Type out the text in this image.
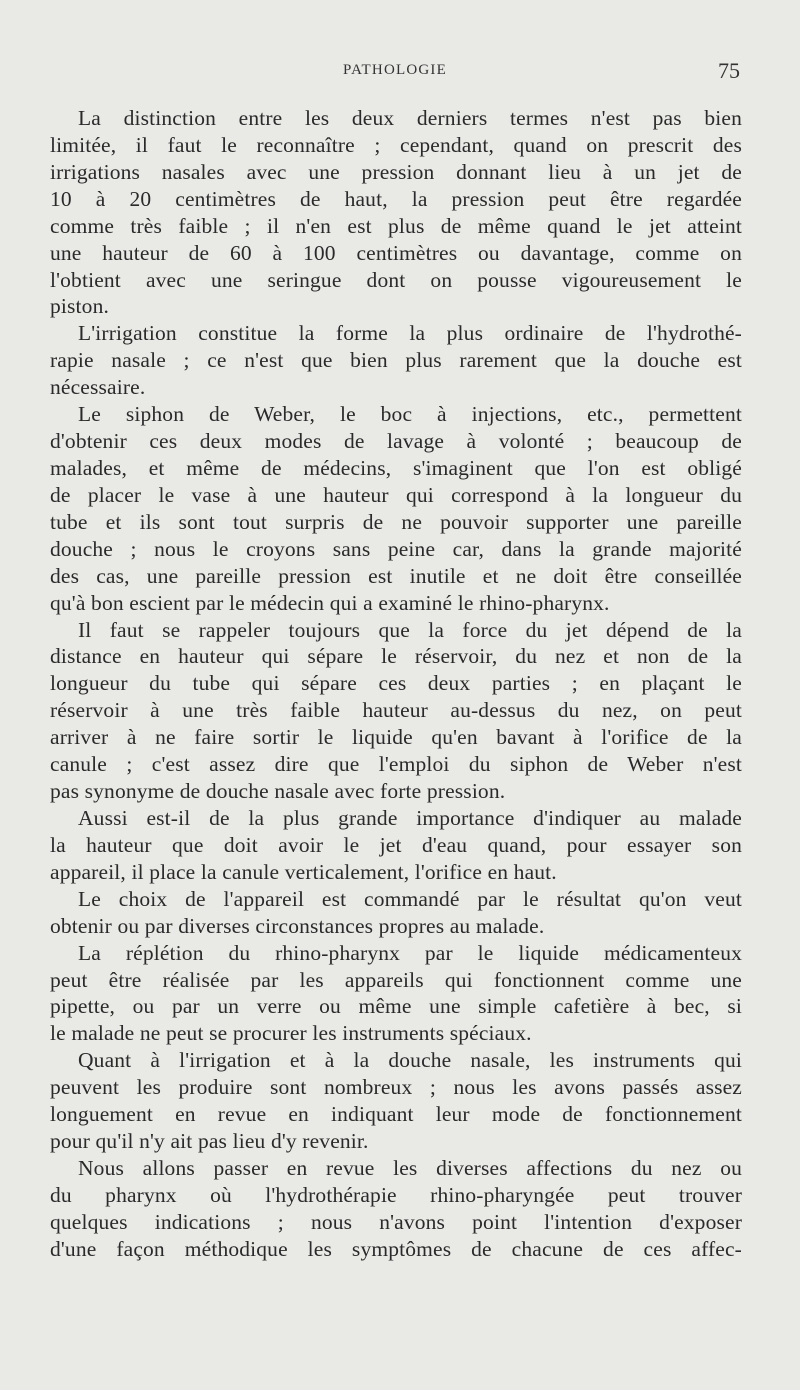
PATHOLOGIE	75
La distinction entre les deux derniers termes n'est pas bien
limitée, il faut le reconnaître ; cependant, quand on prescrit des
irrigations nasales avec une pression donnant lieu à un jet de
10 à 20 centimètres de haut, la pression peut être regardée
comme très faible ; il n'en est plus de même quand le jet atteint
une hauteur de 60 à 100 centimètres ou davantage, comme on
l'obtient avec une seringue dont on pousse vigoureusement le
piston.
L'irrigation constitue la forme la plus ordinaire de l'hydrothé-
rapie nasale ; ce n'est que bien plus rarement que la douche est
nécessaire.
Le siphon de Weber, le boc à injections, etc., permettent
d'obtenir ces deux modes de lavage à volonté ; beaucoup de
malades, et même de médecins, s'imaginent que l'on est obligé
de placer le vase à une hauteur qui correspond à la longueur du
tube et ils sont tout surpris de ne pouvoir supporter une pareille
douche ; nous le croyons sans peine car, dans la grande majorité
des cas, une pareille pression est inutile et ne doit être conseillée
qu'à bon escient par le médecin qui a examiné le rhino-pharynx.
Il faut se rappeler toujours que la force du jet dépend de la
distance en hauteur qui sépare le réservoir, du nez et non de la
longueur du tube qui sépare ces deux parties ; en plaçant le
réservoir à une très faible hauteur au-dessus du nez, on peut
arriver à ne faire sortir le liquide qu'en bavant à l'orifice de la
canule ; c'est assez dire que l'emploi du siphon de Weber n'est
pas synonyme de douche nasale avec forte pression.
Aussi est-il de la plus grande importance d'indiquer au malade
la hauteur que doit avoir le jet d'eau quand, pour essayer son
appareil, il place la canule verticalement, l'orifice en haut.
Le choix de l'appareil est commandé par le résultat qu'on veut
obtenir ou par diverses circonstances propres au malade.
La réplétion du rhino-pharynx par le liquide médicamenteux
peut être réalisée par les appareils qui fonctionnent comme une
pipette, ou par un verre ou même une simple cafetière à bec, si
le malade ne peut se procurer les instruments spéciaux.
Quant à l'irrigation et à la douche nasale, les instruments qui
peuvent les produire sont nombreux ; nous les avons passés assez
longuement en revue en indiquant leur mode de fonctionnement
pour qu'il n'y ait pas lieu d'y revenir.
Nous allons passer en revue les diverses affections du nez ou
du pharynx où l'hydrothérapie rhino-pharyngée peut trouver
quelques indications ; nous n'avons point l'intention d'exposer
d'une façon méthodique les symptômes de chacune de ces affec-
